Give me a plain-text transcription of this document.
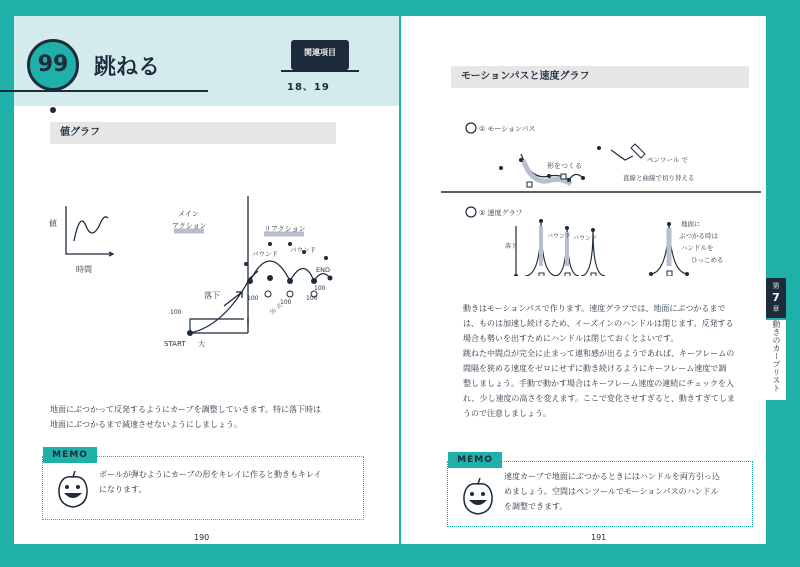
99	跳ねる
関連項目
18、19
値グラフ
値
時間
メイン
アクション	リアクション
バウンド バウンド
END
落下
START 大
小
中
100
100
100
100
100

地面にぶつかって反発するようにカーブを調整していきます。特に落下時は

地面にぶつかるまで減速させないようにしましょう。

MEMO
ボールが弾むようにカーブの形をキレイに作ると動きもキレイ
になります。
190
モーションパスと速度グラフ
① モーションパス
形をつくる
ペンツール で
直線と曲線で切り替える
② 速度グラフ
落下
バウンド バウンド
地面に
ぶつかる時は
ハンドルを
ひっこめる

動きはモーションパスで作ります。速度グラフでは、地面にぶつかるまで

は、ものは加速し続けるため、イーズインのハンドルは閉じます。反発する

場合も勢いを出すためにハンドルは閉じておくとよいです。

跳ねた中間点が完全に止まって違和感が出るようであれば、キーフレームの

間隔を狭める速度をゼロにせずに動き続けるようにキーフレーム速度で調

整しましょう。手動で動かす場合はキーフレーム速度の連続にチェックを入

れ、少し速度の高さを変えます。ここで変化させすぎると、動きすぎてしま

うので注意しましょう。

MEMO
速度カーブで地面にぶつかるときにはハンドルを両方引っ込
めましょう。空間はペンツールでモーションパスのハンドル
を調整できます。
191
第
7
章
動きのカーブリスト
